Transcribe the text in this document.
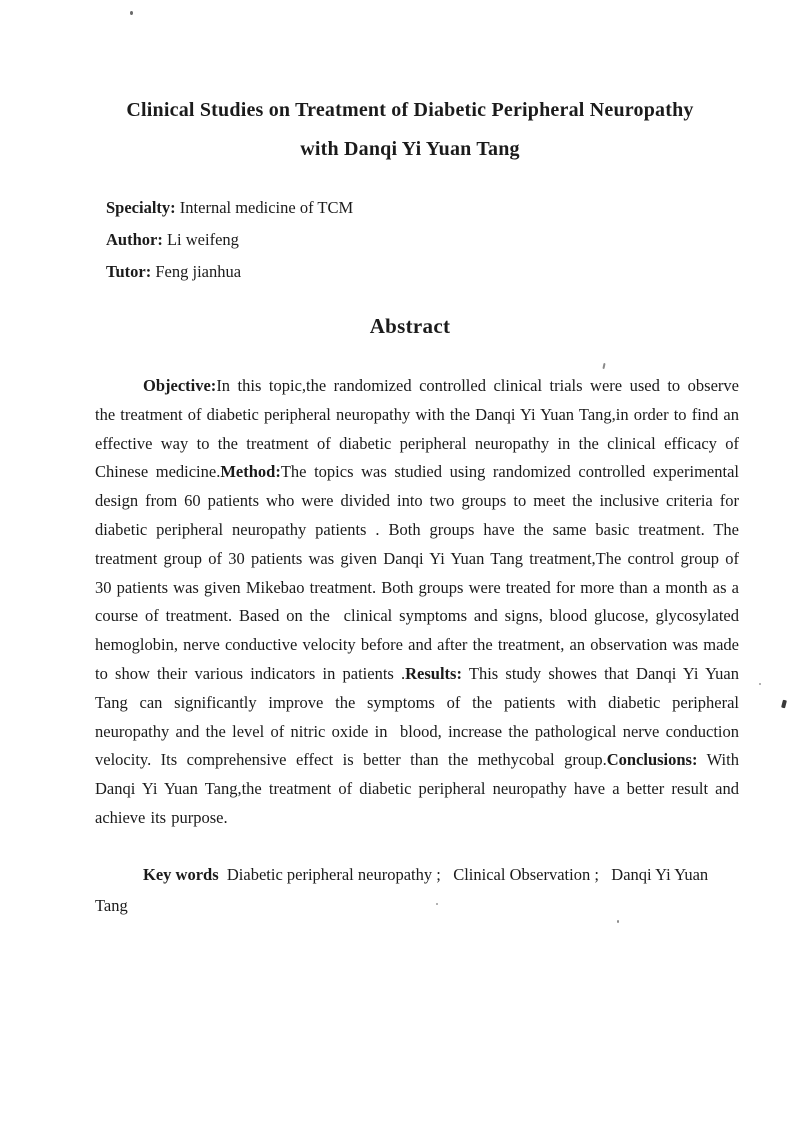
Clinical Studies on Treatment of Diabetic Peripheral Neuropathy
with Danqi Yi Yuan Tang
Specialty: Internal medicine of TCM
Author: Li weifeng
Tutor: Feng jianhua
Abstract

Objective:In this topic,the randomized controlled clinical trials were used to observe the treatment of diabetic peripheral neuropathy with the Danqi Yi Yuan Tang,in order to find an effective way to the treatment of diabetic peripheral neuropathy in the clinical efficacy of Chinese medicine.Method:The topics was studied using randomized controlled experimental design from 60 patients who were divided into two groups to meet the inclusive criteria for diabetic peripheral neuropathy patients . Both groups have the same basic treatment. The treatment group of 30 patients was given Danqi Yi Yuan Tang treatment,The control group of 30 patients was given Mikebao treatment. Both groups were treated for more than a month as a course of treatment. Based on the  clinical symptoms and signs, blood glucose, glycosylated hemoglobin, nerve conductive velocity before and after the treatment, an observation was made to show their various indicators in patients .Results: This study showes that Danqi Yi Yuan Tang can significantly improve the symptoms of the patients with diabetic peripheral neuropathy and the level of nitric oxide in  blood, increase the pathological nerve conduction velocity. Its comprehensive effect is better than the methycobal group.Conclusions: With Danqi Yi Yuan Tang,the treatment of diabetic peripheral neuropathy have a better result and achieve its purpose.

Key words  Diabetic peripheral neuropathy ;   Clinical Observation ;   Danqi Yi Yuan Tang
